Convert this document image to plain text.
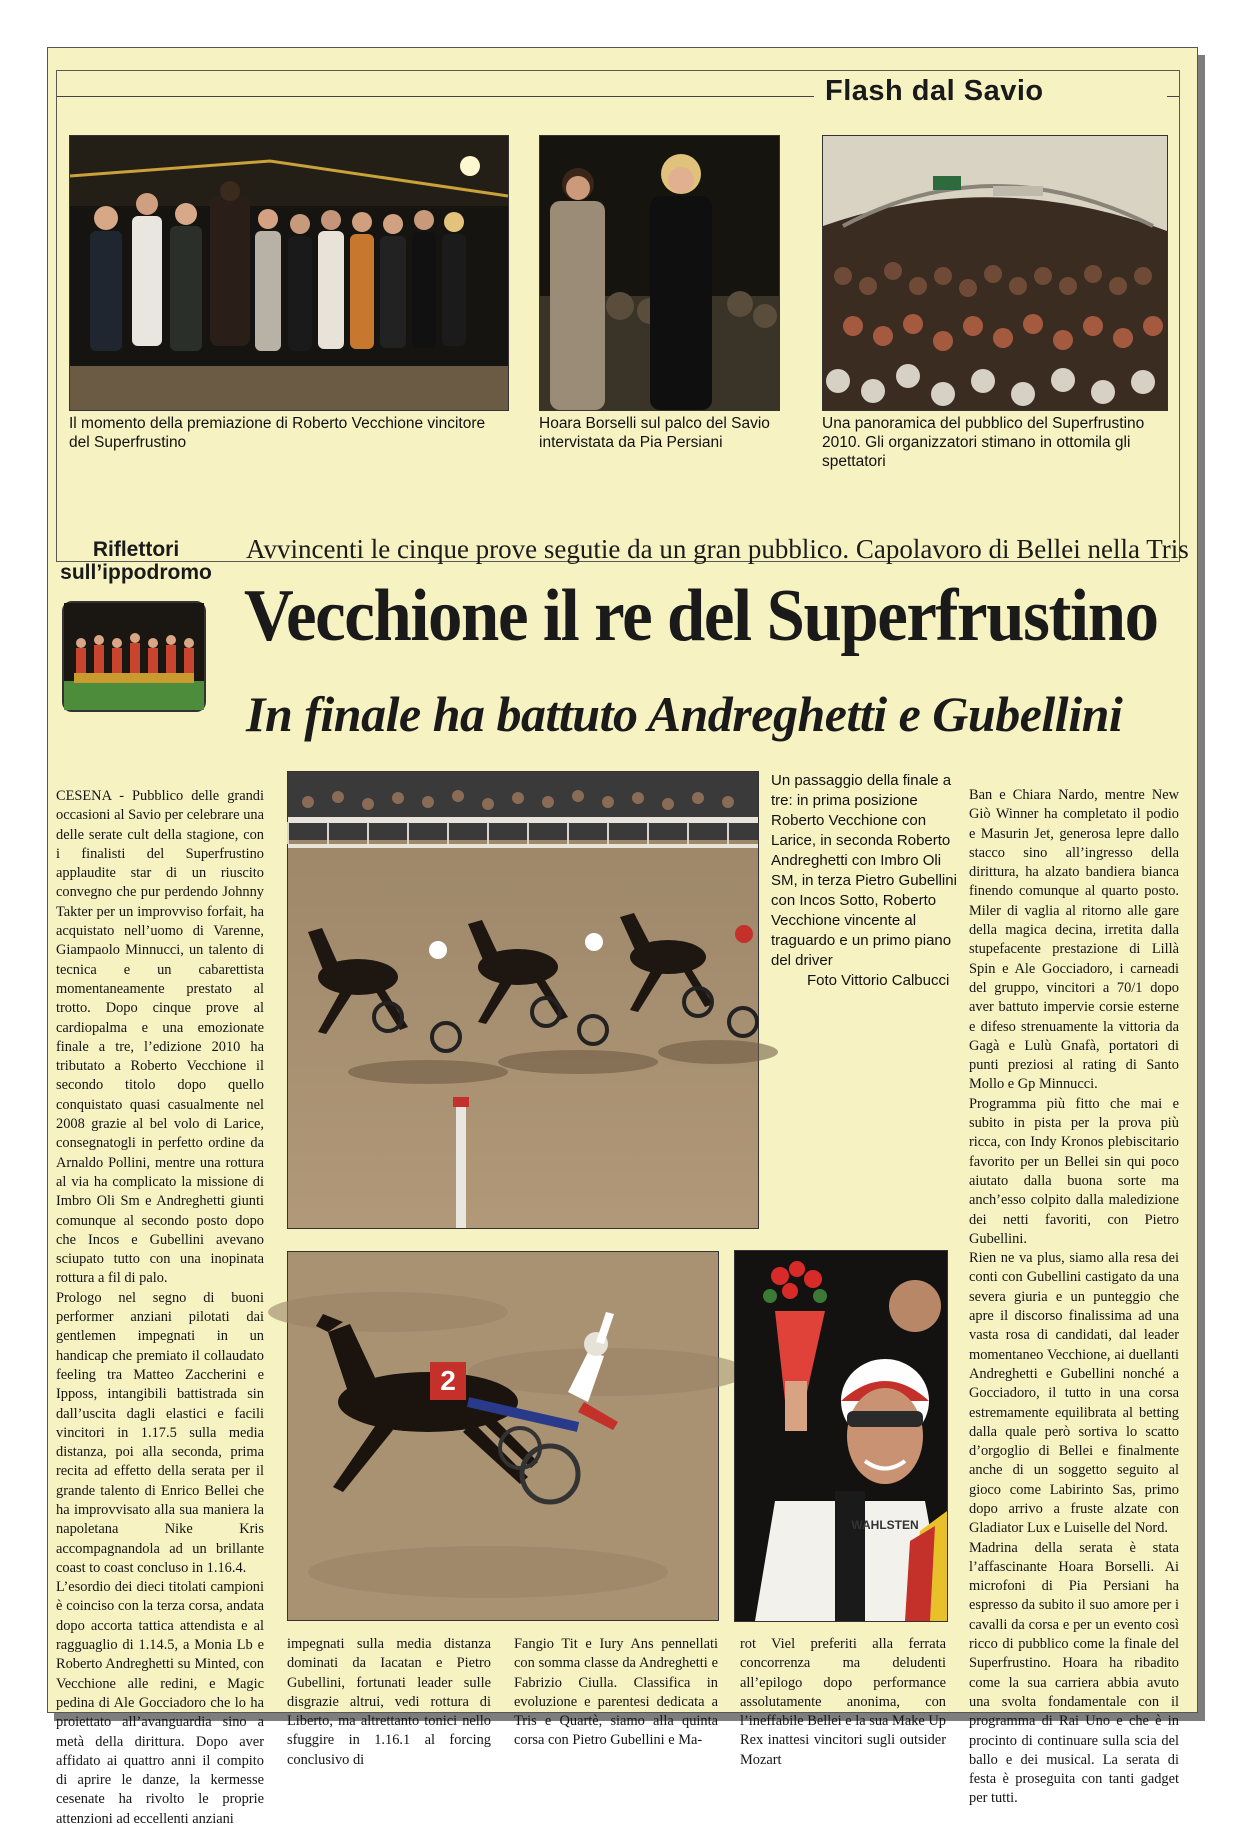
Flash dal Savio
Il momento della premiazione di Roberto Vecchione vincitore del Superfrustino
Hoara Borselli sul palco del Savio intervistata da Pia Persiani
Una panoramica del pubblico del Superfrustino 2010. Gli organizzatori stimano in ottomila gli spettatori
Riflettori sull’ippodromo
Avvincenti le cinque prove segutie da un gran pubblico. Capolavoro di Bellei nella Tris
Vecchione il re del Superfrustino
In finale ha battuto Andreghetti e Gubellini

CESENA - Pubblico delle grandi occasioni al Savio per celebrare una delle serate cult della stagione, con i finalisti del Superfrustino applaudite star di un riuscito convegno che pur perdendo Johnny Takter per un improvviso forfait, ha acquistato nell’uomo di Varenne, Giampaolo Minnucci, un talento di tecnica e un cabarettista momentaneamente prestato al trotto. Dopo cinque prove al cardiopalma e una emozionate finale a tre, l’edizione 2010 ha tributato a Roberto Vecchione il secondo titolo dopo quello conquistato quasi casualmente nel 2008 grazie al bel volo di Larice, consegnatogli in perfetto ordine da Arnaldo Pollini, mentre una rottura al via ha complicato la missione di Imbro Oli Sm e Andreghetti giunti comunque al secondo posto dopo che Incos e Gubellini avevano sciupato tutto con una inopinata rottura a fil di palo.

Prologo nel segno di buoni performer anziani pilotati dai gentlemen impegnati in un handicap che premiato il collaudato feeling tra Matteo Zaccherini e Ipposs, intangibili battistrada sin dall’uscita dagli elastici e facili vincitori in 1.17.5 sulla media distanza, poi alla seconda, prima recita ad effetto della serata per il grande talento di Enrico Bellei che ha improvvisato alla sua maniera la napoletana Nike Kris accompagnandola ad un brillante coast to coast concluso in 1.16.4.

L’esordio dei dieci titolati campioni è coinciso con la terza corsa, andata dopo accorta tattica attendista e al ragguaglio di 1.14.5, a Monia Lb e Roberto Andreghetti su Minted, con Vecchione alle redini, e Magic pedina di Ale Gocciadoro che lo ha proiettato all’avanguardia sino a metà della dirittura. Dopo aver affidato ai quattro anni il compito di aprire le danze, la kermesse cesenate ha rivolto le proprie attenzioni ad eccellenti anziani

Un passaggio della finale a tre: in prima posizione Roberto Vecchione con Larice, in seconda Roberto Andreghetti con Imbro Oli SM, in terza Pietro Gubellini con Incos Sotto, Roberto Vecchione vincente al traguardo e un primo piano del driver
Foto Vittorio Calbucci

Ban e Chiara Nardo, mentre New Giò Winner ha completato il podio e Masurin Jet, generosa lepre dallo stacco sino all’ingresso della dirittura, ha alzato bandiera bianca finendo comunque al quarto posto. Miler di vaglia al ritorno alle gare della magica decina, irretita dalla stupefacente prestazione di Lillà Spin e Ale Gocciadoro, i carneadi del gruppo, vincitori a 70/1 dopo aver battuto impervie corsie esterne e difeso strenuamente la vittoria da Gagà e Lulù Gnafà, portatori di punti preziosi al rating di Santo Mollo e Gp Minnucci.

Programma più fitto che mai e subito in pista per la prova più ricca, con Indy Kronos plebiscitario favorito per un Bellei sin qui poco aiutato dalla buona sorte ma anch’esso colpito dalla maledizione dei netti favoriti, con Pietro Gubellini.

Rien ne va plus, siamo alla resa dei conti con Gubellini castigato da una severa giuria e un punteggio che apre il discorso finalissima ad una vasta rosa di candidati, dal leader momentaneo Vecchione, ai duellanti Andreghetti e Gubellini nonché a Gocciadoro, il tutto in una corsa estremamente equilibrata al betting dalla quale però sortiva lo scatto d’orgoglio di Bellei e finalmente anche di un soggetto seguito al gioco come Labirinto Sas, primo dopo arrivo a fruste alzate con Gladiator Lux e Luiselle del Nord.

Madrina della serata è stata l’affascinante Hoara Borselli. Ai microfoni di Pia Persiani ha espresso da subito il suo amore per i cavalli da corsa e per un evento così ricco di pubblico come la finale del Superfrustino. Hoara ha ribadito come la sua carriera abbia avuto una svolta fondamentale con il programma di Rai Uno e che è in procinto di continuare sulla scia del ballo e dei musical. La serata di festa è proseguita con tanti gadget per tutti.

2
WAHLSTEN

impegnati sulla media distanza dominati da Iacatan e Pietro Gubellini, fortunati leader sulle disgrazie altrui, vedi rottura di Liberto, ma altrettanto tonici nello sfuggire in 1.16.1 al forcing conclusivo di

Fangio Tit e Iury Ans pennellati con somma classe da Andreghetti e Fabrizio Ciulla. Classifica in evoluzione e parentesi dedicata a Tris e Quartè, siamo alla quinta corsa con Pietro Gubellini e Ma-

rot Viel preferiti alla ferrata concorrenza ma deludenti all’epilogo dopo performance assolutamente anonima, con l’ineffabile Bellei e la sua Make Up Rex inattesi vincitori sugli outsider Mozart
